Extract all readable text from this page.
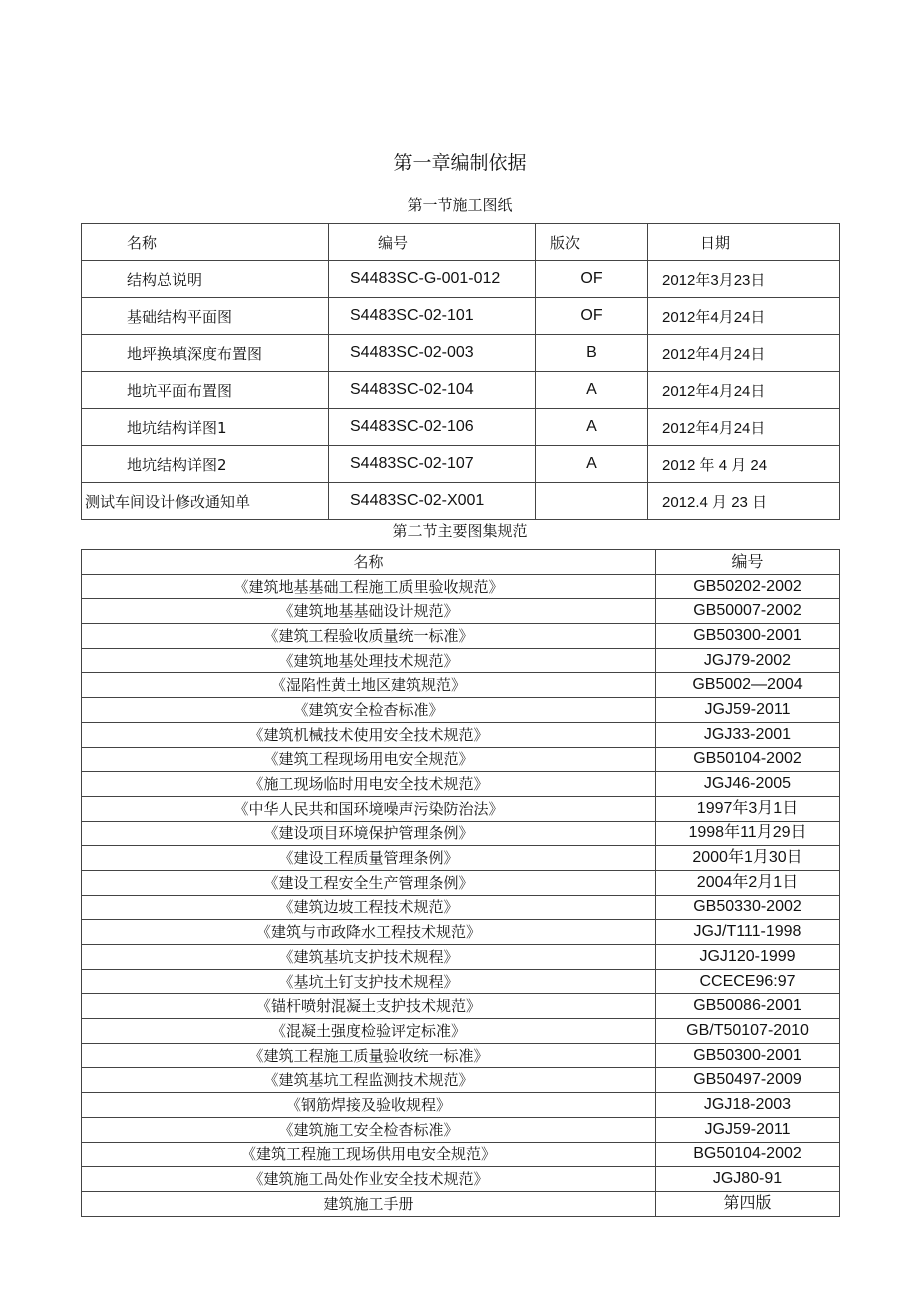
第一章编制依据
第一节施工图纸
名称	编号	版次	日期
结构总说明	S4483SC-G-001-012	OF	2012年3月23日
基础结构平面图	S4483SC-02-101	OF	2012年4月24日
地坪换填深度布置图	S4483SC-02-003	B	2012年4月24日
地坑平面布置图	S4483SC-02-104	A	2012年4月24日
地坑结构详图1	S4483SC-02-106	A	2012年4月24日
地坑结构详图2	S4483SC-02-107	A	2012 年 4 月 24
测试车间设计修改通知单	S4483SC-02-X001		2012.4 月 23 日
第二节主要图集规范
名称	编号
《建筑地基基础工程施工质里验收规范》	GB50202-2002
《建筑地基基础设计规范》	GB50007-2002
《建筑工程验收质量统一标准》	GB50300-2001
《建筑地基处理技术规范》	JGJ79-2002
《湿陷性黄土地区建筑规范》	GB5002—2004
《建筑安全检杳标准》	JGJ59-2011
《建筑机械技术使用安全技术规范》	JGJ33-2001
《建筑工程现场用电安全规范》	GB50104-2002
《施工现场临时用电安全技术规范》	JGJ46-2005
《中华人民共和国环境噪声污染防治法》	1997年3月1日
《建设项目环境保护管理条例》	1998年11月29日
《建设工程质量管理条例》	2000年1月30日
《建设工程安全生产管理条例》	2004年2月1日
《建筑边坡工程技术规范》	GB50330-2002
《建筑与市政降水工程技术规范》	JGJ/T111-1998
《建筑基坑支护技术规程》	JGJ120-1999
《基坑土钉支护技术规程》	CCECE96:97
《锚杆喷射混凝土支护技术规范》	GB50086-2001
《混凝土强度检验评定标准》	GB/T50107-2010
《建筑工程施工质量验收统一标准》	GB50300-2001
《建筑基坑工程监测技术规范》	GB50497-2009
《钢筋焊接及验收规程》	JGJ18-2003
《建筑施工安全检杳标准》	JGJ59-2011
《建筑工程施工现场供用电安全规范》	BG50104-2002
《建筑施工咼处作业安全技术规范》	JGJ80-91
建筑施工手册	第四版
